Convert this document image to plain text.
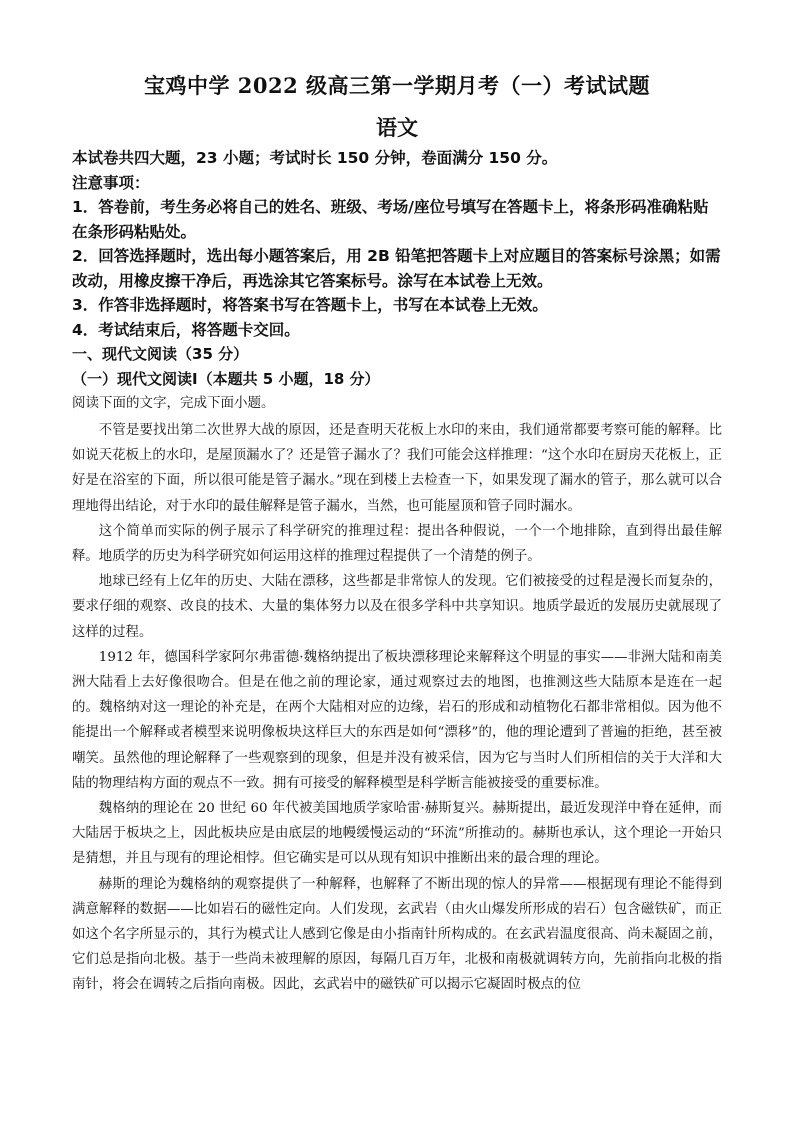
宝鸡中学 2022 级高三第一学期月考（一）考试试题
语文

本试卷共四大题，23 小题；考试时长 150 分钟，卷面满分 150 分。

注意事项：

1．答卷前，考生务必将自己的姓名、班级、考场/座位号填写在答题卡上，将条形码准确粘贴在条形码粘贴处。

2．回答选择题时，选出每小题答案后，用 2B 铅笔把答题卡上对应题目的答案标号涂黑；如需改动，用橡皮擦干净后，再选涂其它答案标号。涂写在本试卷上无效。

3．作答非选择题时，将答案书写在答题卡上，书写在本试卷上无效。

4．考试结束后，将答题卡交回。

一、现代文阅读（35 分）

（一）现代文阅读Ⅰ（本题共 5 小题，18 分）

阅读下面的文字，完成下面小题。

不管是要找出第二次世界大战的原因，还是查明天花板上水印的来由，我们通常都要考察可能的解释。比如说天花板上的水印，是屋顶漏水了？还是管子漏水了？我们可能会这样推理：“这个水印在厨房天花板上，正好是在浴室的下面，所以很可能是管子漏水。”现在到楼上去检查一下，如果发现了漏水的管子，那么就可以合理地得出结论，对于水印的最佳解释是管子漏水，当然，也可能屋顶和管子同时漏水。

这个简单而实际的例子展示了科学研究的推理过程：提出各种假说，一个一个地排除，直到得出最佳解释。地质学的历史为科学研究如何运用这样的推理过程提供了一个清楚的例子。

地球已经有上亿年的历史、大陆在漂移，这些都是非常惊人的发现。它们被接受的过程是漫长而复杂的，要求仔细的观察、改良的技术、大量的集体努力以及在很多学科中共享知识。地质学最近的发展历史就展现了这样的过程。

1912 年，德国科学家阿尔弗雷德·魏格纳提出了板块漂移理论来解释这个明显的事实——非洲大陆和南美洲大陆看上去好像很吻合。但是在他之前的理论家，通过观察过去的地图，也推测这些大陆原本是连在一起的。魏格纳对这一理论的补充是，在两个大陆相对应的边缘，岩石的形成和动植物化石都非常相似。因为他不能提出一个解释或者模型来说明像板块这样巨大的东西是如何“漂移”的，他的理论遭到了普遍的拒绝，甚至被嘲笑。虽然他的理论解释了一些观察到的现象，但是并没有被采信，因为它与当时人们所相信的关于大洋和大陆的物理结构方面的观点不一致。拥有可接受的解释模型是科学断言能被接受的重要标准。

魏格纳的理论在 20 世纪 60 年代被美国地质学家哈雷·赫斯复兴。赫斯提出，最近发现洋中脊在延伸，而大陆居于板块之上，因此板块应是由底层的地幔缓慢运动的“环流”所推动的。赫斯也承认，这个理论一开始只是猜想，并且与现有的理论相悖。但它确实是可以从现有知识中推断出来的最合理的理论。

赫斯的理论为魏格纳的观察提供了一种解释，也解释了不断出现的惊人的异常——根据现有理论不能得到满意解释的数据——比如岩石的磁性定向。人们发现，玄武岩（由火山爆发所形成的岩石）包含磁铁矿，而正如这个名字所显示的，其行为模式让人感到它像是由小指南针所构成的。在玄武岩温度很高、尚未凝固之前，它们总是指向北极。基于一些尚未被理解的原因，每隔几百万年，北极和南极就调转方向，先前指向北极的指南针，将会在调转之后指向南极。因此，玄武岩中的磁铁矿可以揭示它凝固时极点的位
